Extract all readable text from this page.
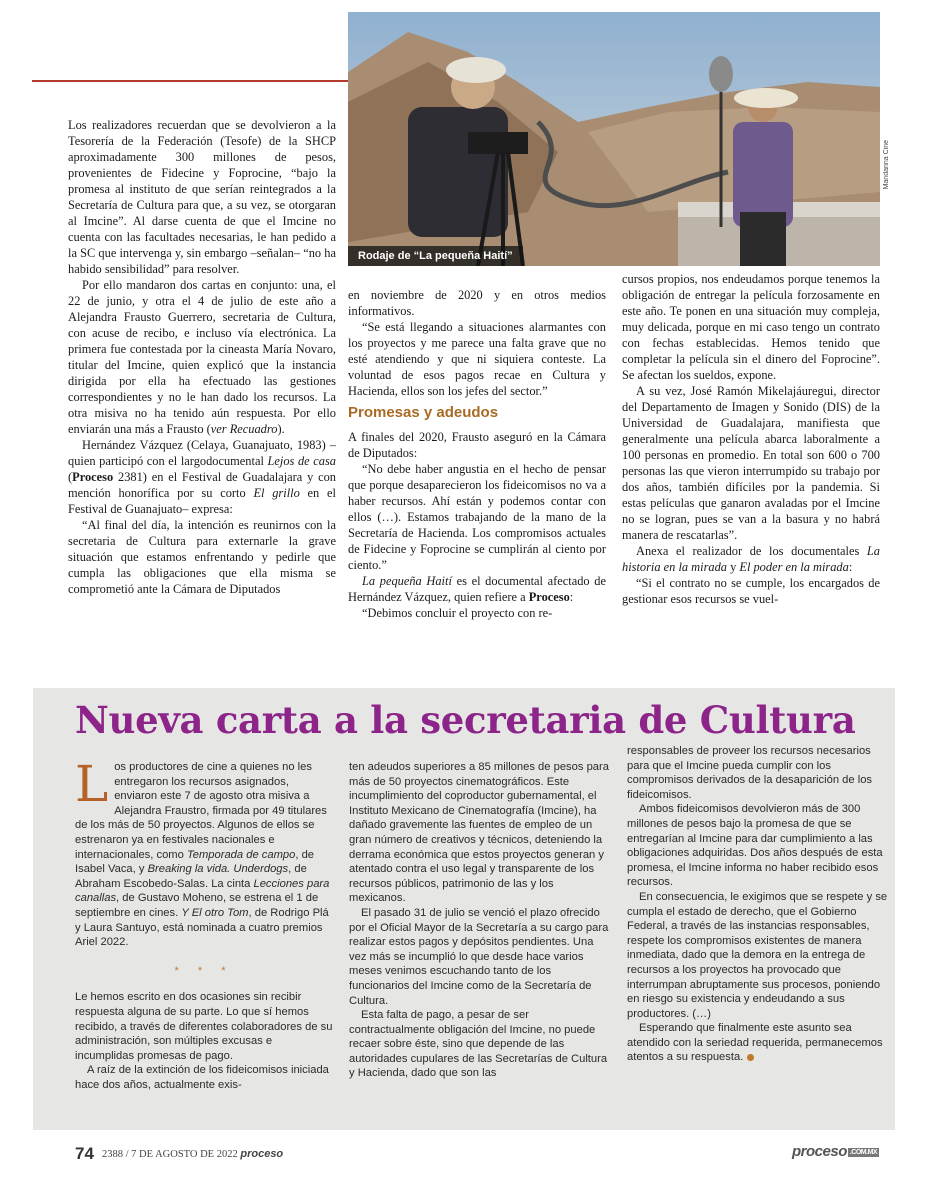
Rodaje de “La pequeña Haití”
Mandarina Cine

Los realizadores recuerdan que se devolvieron a la Tesorería de la Federación (Tesofe) de la SHCP aproximadamente 300 millones de pesos, provenientes de Fidecine y Foprocine, “bajo la promesa al instituto de que serían reintegrados a la Secretaría de Cultura para que, a su vez, se otorgaran al Imcine”. Al darse cuenta de que el Imcine no cuenta con las facultades necesarias, le han pedido a la SC que intervenga y, sin embargo –señalan– “no ha habido sensibilidad” para resolver.

Por ello mandaron dos cartas en conjunto: una, el 22 de junio, y otra el 4 de julio de este año a Alejandra Frausto Guerrero, secretaria de Cultura, con acuse de recibo, e incluso vía electrónica. La primera fue contestada por la cineasta María Novaro, titular del Imcine, quien explicó que la instancia dirigida por ella ha efectuado las gestiones correspondientes y no le han dado los recursos. La otra misiva no ha tenido aún respuesta. Por ello enviarán una más a Frausto (ver Recuadro).

Hernández Vázquez (Celaya, Guanajuato, 1983) –quien participó con el largodocumental Lejos de casa (Proceso 2381) en el Festival de Guadalajara y con mención honorífica por su corto El grillo en el Festival de Guanajuato– expresa:

“Al final del día, la intención es reunirnos con la secretaria de Cultura para externarle la grave situación que estamos enfrentando y pedirle que cumpla las obligaciones que ella misma se comprometió ante la Cámara de Diputados

en noviembre de 2020 y en otros medios informativos.

“Se está llegando a situaciones alarmantes con los proyectos y me parece una falta grave que no esté atendiendo y que ni siquiera conteste. La voluntad de esos pagos recae en Cultura y Hacienda, ellos son los jefes del sector.”

Promesas y adeudos

A finales del 2020, Frausto aseguró en la Cámara de Diputados:

“No debe haber angustia en el hecho de pensar que porque desaparecieron los fideicomisos no va a haber recursos. Ahí están y podemos contar con ellos (…). Estamos trabajando de la mano de la Secretaría de Hacienda. Los compromisos actuales de Fidecine y Foprocine se cumplirán al ciento por ciento.”

La pequeña Haití es el documental afectado de Hernández Vázquez, quien refiere a Proceso:

“Debimos concluir el proyecto con re-

cursos propios, nos endeudamos porque tenemos la obligación de entregar la película forzosamente en este año. Te ponen en una situación muy compleja, muy delicada, porque en mi caso tengo un contrato con fechas establecidas. Hemos tenido que completar la película sin el dinero del Foprocine”. Se afectan los sueldos, expone.

A su vez, José Ramón Mikelajáuregui, director del Departamento de Imagen y Sonido (DIS) de la Universidad de Guadalajara, manifiesta que generalmente una película abarca laboralmente a 100 personas en promedio. En total son 600 o 700 personas las que vieron interrumpido su trabajo por dos años, también difíciles por la pandemia. Si estas películas que ganaron avaladas por el Imcine no se logran, pues se van a la basura y no habrá manera de rescatarlas”.

Anexa el realizador de los documentales La historia en la mirada y El poder en la mirada:

“Si el contrato no se cumple, los encargados de gestionar esos recursos se vuel-

Nueva carta a la secretaria de Cultura

Los productores de cine a quienes no les entregaron los recursos asignados, enviaron este 7 de agosto otra misiva a Alejandra Fraustro, firmada por 49 titulares de los más de 50 proyectos. Algunos de ellos se estrenaron ya en festivales nacionales e internacionales, como Temporada de campo, de Isabel Vaca, y Breaking la vida. Underdogs, de Abraham Escobedo-Salas. La cinta Lecciones para canallas, de Gustavo Moheno, se estrena el 1 de septiembre en cines. Y El otro Tom, de Rodrigo Plá y Laura Santuyo, está nominada a cuatro premios Ariel 2022.

* * *

Le hemos escrito en dos ocasiones sin recibir respuesta alguna de su parte. Lo que sí hemos recibido, a través de diferentes colaboradores de su administración, son múltiples excusas e incumplidas promesas de pago.

A raíz de la extinción de los fideicomisos iniciada hace dos años, actualmente exis-

ten adeudos superiores a 85 millones de pesos para más de 50 proyectos cinematográficos. Este incumplimiento del coproductor gubernamental, el Instituto Mexicano de Cinematografía (Imcine), ha dañado gravemente las fuentes de empleo de un gran número de creativos y técnicos, deteniendo la derrama económica que estos proyectos generan y atentado contra el uso legal y transparente de los recursos públicos, patrimonio de las y los mexicanos.

El pasado 31 de julio se venció el plazo ofrecido por el Oficial Mayor de la Secretaría a su cargo para realizar estos pagos y depósitos pendientes. Una vez más se incumplió lo que desde hace varios meses venimos escuchando tanto de los funcionarios del Imcine como de la Secretaría de Cultura.

Esta falta de pago, a pesar de ser contractualmente obligación del Imcine, no puede recaer sobre éste, sino que depende de las autoridades cupulares de las Secretarías de Cultura y Hacienda, dado que son las

responsables de proveer los recursos necesarios para que el Imcine pueda cumplir con los compromisos derivados de la desaparición de los fideicomisos.

Ambos fideicomisos devolvieron más de 300 millones de pesos bajo la promesa de que se entregarían al Imcine para dar cumplimiento a las obligaciones adquiridas. Dos años después de esta promesa, el Imcine informa no haber recibido esos recursos.

En consecuencia, le exigimos que se respete y se cumpla el estado de derecho, que el Gobierno Federal, a través de las instancias responsables, respete los compromisos existentes de manera inmediata, dado que la demora en la entrega de recursos a los proyectos ha provocado que interrumpan abruptamente sus procesos, poniendo en riesgo su existencia y endeudando a sus productores. (…)

Esperando que finalmente este asunto sea atendido con la seriedad requerida, permanecemos atentos a su respuesta.

74 2388 / 7 DE AGOSTO DE 2022 proceso	proceso .COM.MX
